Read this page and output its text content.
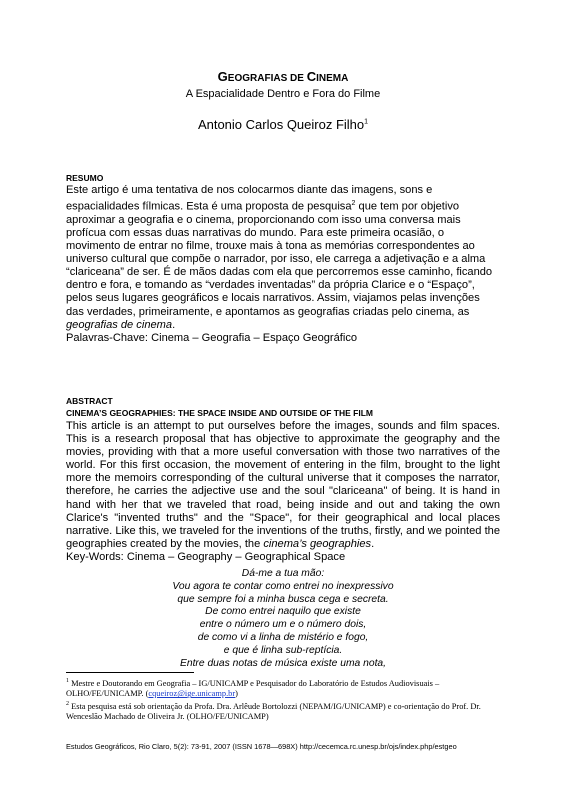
GEOGRAFIAS DE CINEMA
A Espacialidade Dentro e Fora do Filme
Antonio Carlos Queiroz Filho$^1$
RESUMO

Este artigo é uma tentativa de nos colocarmos diante das imagens, sons e espacialidades fílmicas. Esta é uma proposta de pesquisa$^2$ que tem por objetivo aproximar a geografia e o cinema, proporcionando com isso uma conversa mais profícua com essas duas narrativas do mundo. Para este primeira ocasião, o movimento de entrar no filme, trouxe mais à tona as memórias correspondentes ao universo cultural que compõe o narrador, por isso, ele carrega a adjetivação e a alma “clariceana” de ser. É de mãos dadas com ela que percorremos esse caminho, ficando dentro e fora, e tomando as “verdades inventadas” da própria Clarice e o “Espaço”, pelos seus lugares geográficos e locais narrativos. Assim, viajamos pelas invenções das verdades, primeiramente, e apontamos as geografias criadas pelo cinema, as geografias de cinema.

Palavras-Chave: Cinema – Geografia – Espaço Geográfico

ABSTRACT
CINEMA’S GEOGRAPHIES: THE SPACE INSIDE AND OUTSIDE OF THE FILM

This article is an attempt to put ourselves before the images, sounds and film spaces. This is a research proposal that has objective to approximate the geography and the movies, providing with that a more useful conversation with those two narratives of the world. For this first occasion, the movement of entering in the film, brought to the light more the memoirs corresponding of the cultural universe that it composes the narrator, therefore, he carries the adjective use and the soul "clariceana" of being. It is hand in hand with her that we traveled that road, being inside and out and taking the own Clarice's "invented truths" and the "Space", for their geographical and local places narrative. Like this, we traveled for the inventions of the truths, firstly, and we pointed the geographies created by the movies, the cinema’s geographies.

Key-Words: Cinema – Geography – Geographical Space

Dá-me a tua mão:
Vou agora te contar como entrei no inexpressivo
que sempre foi a minha busca cega e secreta.
De como entrei naquilo que existe
entre o número um e o número dois,
de como vi a linha de mistério e fogo,
e que é linha sub-reptícia.
Entre duas notas de música existe uma nota,
$^1$ Mestre e Doutorando em Geografia – IG/UNICAMP e Pesquisador do Laboratório de Estudos Audiovisuais – OLHO/FE/UNICAMP. (cqueiroz@ige.unicamp.br)
$^2$ Esta pesquisa está sob orientação da Profa. Dra. Arlêude Bortolozzi (NEPAM/IG/UNICAMP) e co-orientação do Prof. Dr. Wenceslão Machado de Oliveira Jr. (OLHO/FE/UNICAMP)
Estudos Geográficos, Rio Claro, 5(2): 73-91, 2007 (ISSN 1678—698X) http://cecemca.rc.unesp.br/ojs/index.php/estgeo
